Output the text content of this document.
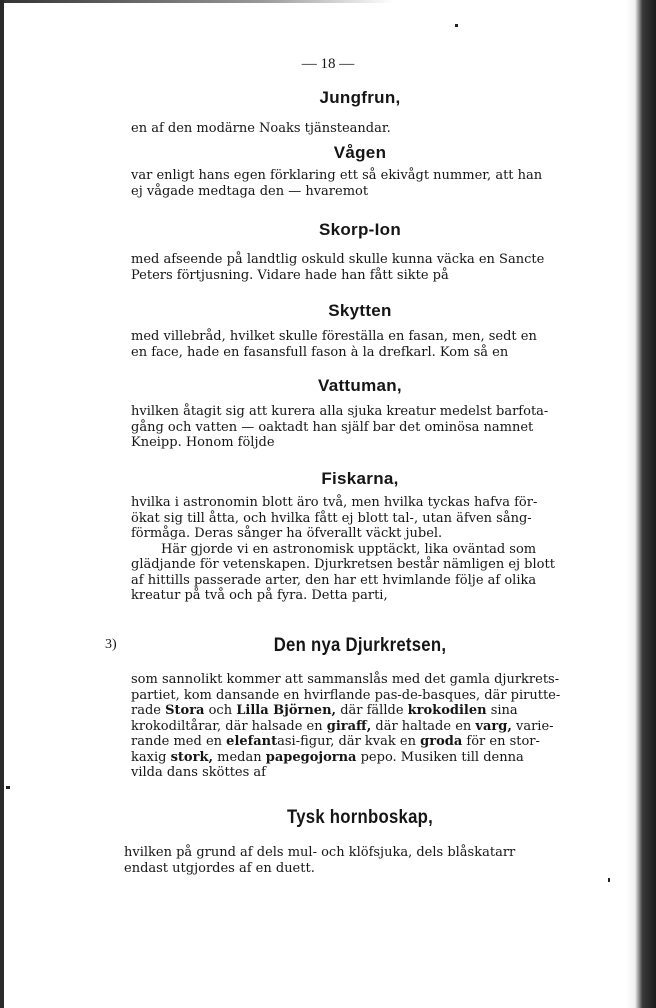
— 18 —
Jungfrun,
en af den modärne Noaks tjänsteandar.
Vågen
var enligt hans egen förklaring ett så ekivågt nummer, att han
ej vågade medtaga den — hvaremot
Skorp-Ion
med afseende på landtlig oskuld skulle kunna väcka en Sancte
Peters förtjusning. Vidare hade han fått sikte på
Skytten
med villebråd, hvilket skulle föreställa en fasan, men, sedt en
en face, hade en fasansfull fason à la drefkarl. Kom så en
Vattuman,
hvilken åtagit sig att kurera alla sjuka kreatur medelst barfota-
gång och vatten — oaktadt han själf bar det ominösa namnet
Kneipp. Honom följde
Fiskarna,
hvilka i astronomin blott äro två, men hvilka tyckas hafva för-
ökat sig till åtta, och hvilka fått ej blott tal-, utan äfven sång-
förmåga. Deras sånger ha öfverallt väckt jubel.
Här gjorde vi en astronomisk upptäckt, lika oväntad som
glädjande för vetenskapen. Djurkretsen består nämligen ej blott
af hittills passerade arter, den har ett hvimlande följe af olika
kreatur på två och på fyra. Detta parti,
3)	Den nya Djurkretsen,
som sannolikt kommer att sammanslås med det gamla djurkrets-
partiet, kom dansande en hvirflande pas-de-basques, där pirutte-
rade Stora och Lilla Björnen, där fällde krokodilen sina
krokodiltårar, där halsade en giraff, där haltade en varg, varie-
rande med en elefantasi-figur, där kvak en groda för en stor-
kaxig stork, medan papegojorna pepo. Musiken till denna
vilda dans sköttes af
Tysk hornboskap,
hvilken på grund af dels mul- och klöfsjuka, dels blåskatarr
endast utgjordes af en duett.
